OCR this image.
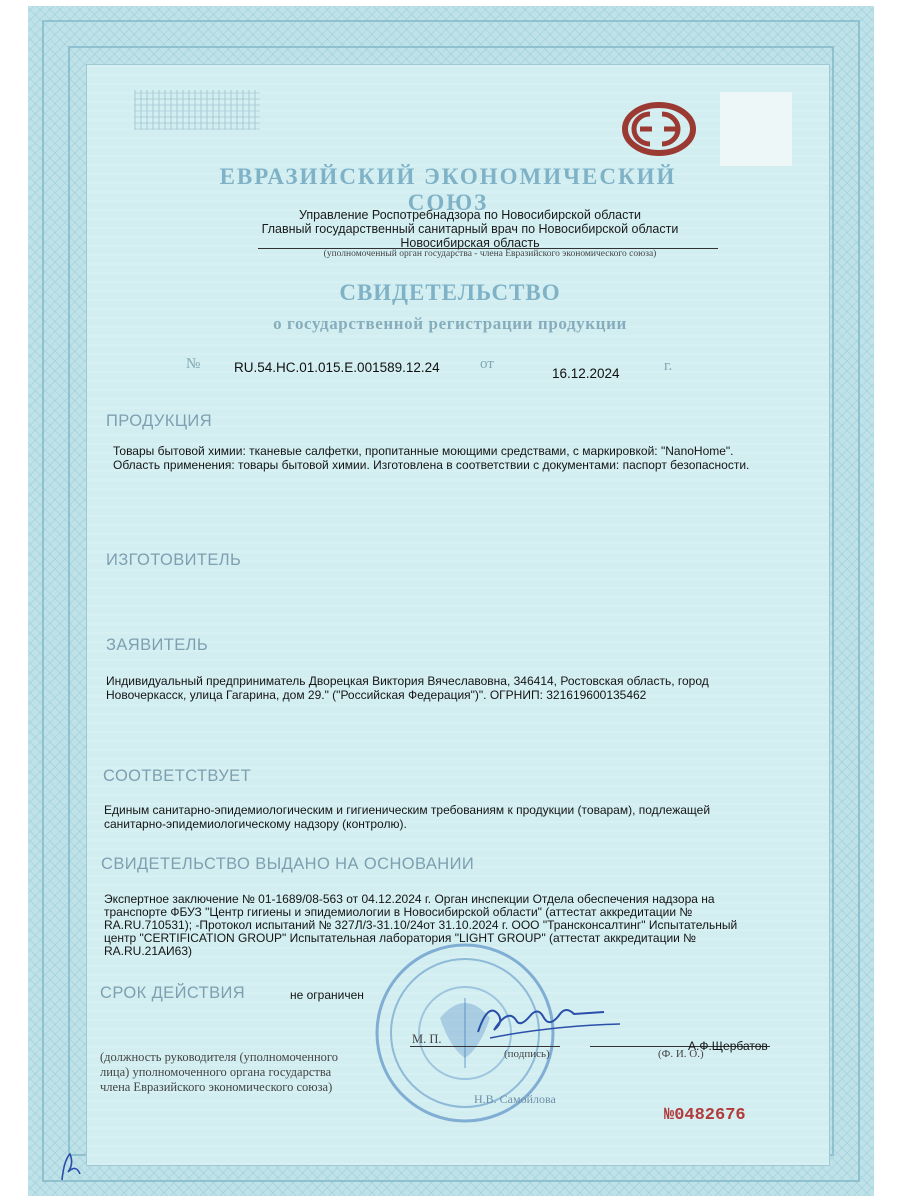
ЕВРАЗИЙСКИЙ ЭКОНОМИЧЕСКИЙ СОЮЗ
Управление Роспотребнадзора по Новосибирской области
Главный государственный санитарный врач по Новосибирской области
Новосибирская область
(уполномоченный орган государства - члена Евразийского экономического союза)
СВИДЕТЕЛЬСТВО
о государственной регистрации продукции
№ RU.54.НС.01.015.Е.001589.12.24	от
16.12.2024	г.
ПРОДУКЦИЯ
Товары бытовой химии: тканевые салфетки, пропитанные моющими средствами, с маркировкой: "NanoHome".
Область применения: товары бытовой химии. Изготовлена в соответствии с документами: паспорт безопасности.
ИЗГОТОВИТЕЛЬ
ЗАЯВИТЕЛЬ
Индивидуальный предприниматель Дворецкая Виктория Вячеславовна, 346414, Ростовская область, город
Новочеркасск, улица Гагарина, дом 29." ("Российская Федерация")". ОГРНИП: 321619600135462
СООТВЕТСТВУЕТ
Единым санитарно-эпидемиологическим и гигиеническим требованиям к продукции (товарам), подлежащей
санитарно-эпидемиологическому надзору (контролю).
СВИДЕТЕЛЬСТВО ВЫДАНО НА ОСНОВАНИИ
Экспертное заключение № 01-1689/08-563 от 04.12.2024 г. Орган инспекции Отдела обеспечения надзора на
транспорте ФБУЗ "Центр гигиены и эпидемиологии в Новосибирской области" (аттестат аккредитации №
RA.RU.710531); -Протокол испытаний № 327Л/3-31.10/24от 31.10.2024 г. ООО "Трансконсалтинг" Испытательный
центр "CERTIFICATION GROUP" Испытательная лаборатория "LIGHT GROUP" (аттестат аккредитации №
RA.RU.21АИ63)
СРОК ДЕЙСТВИЯ	не ограничен
Н.В. Самойлова
М. П.
(подпись)
А.Ф.Щербатов
(Ф. И. О.)
(должность руководителя (уполномоченного
лица) уполномоченного органа государства
члена Евразийского экономического союза)
№0482676
